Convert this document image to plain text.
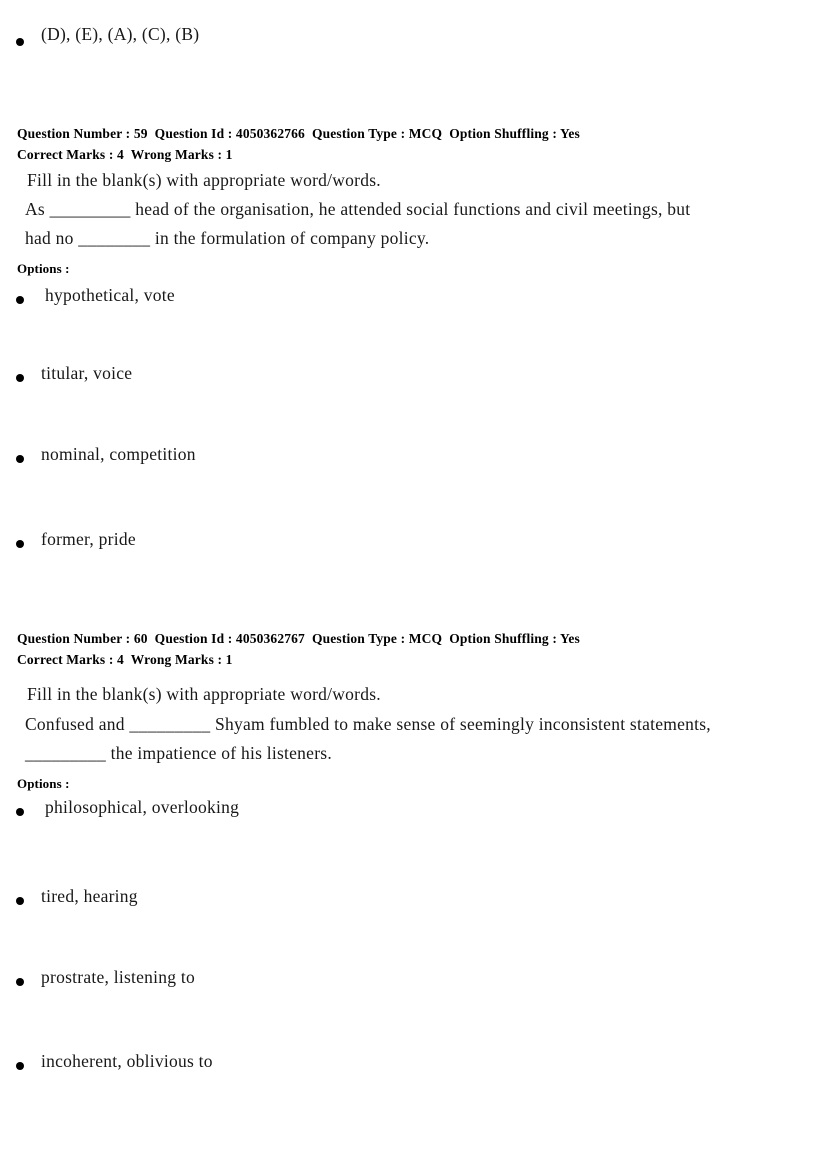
(D), (E), (A), (C), (B)
Question Number : 59  Question Id : 4050362766  Question Type : MCQ  Option Shuffling : Yes
Correct Marks : 4  Wrong Marks : 1
Fill in the blank(s) with appropriate word/words.
As _________ head of the organisation, he attended social functions and civil meetings, but
had no ________ in the formulation of company policy.
Options :
hypothetical, vote
titular, voice
nominal, competition
former, pride
Question Number : 60  Question Id : 4050362767  Question Type : MCQ  Option Shuffling : Yes
Correct Marks : 4  Wrong Marks : 1
Fill in the blank(s) with appropriate word/words.
Confused and _________ Shyam fumbled to make sense of seemingly inconsistent statements,
_________ the impatience of his listeners.
Options :
philosophical, overlooking
tired, hearing
prostrate, listening to
incoherent, oblivious to
